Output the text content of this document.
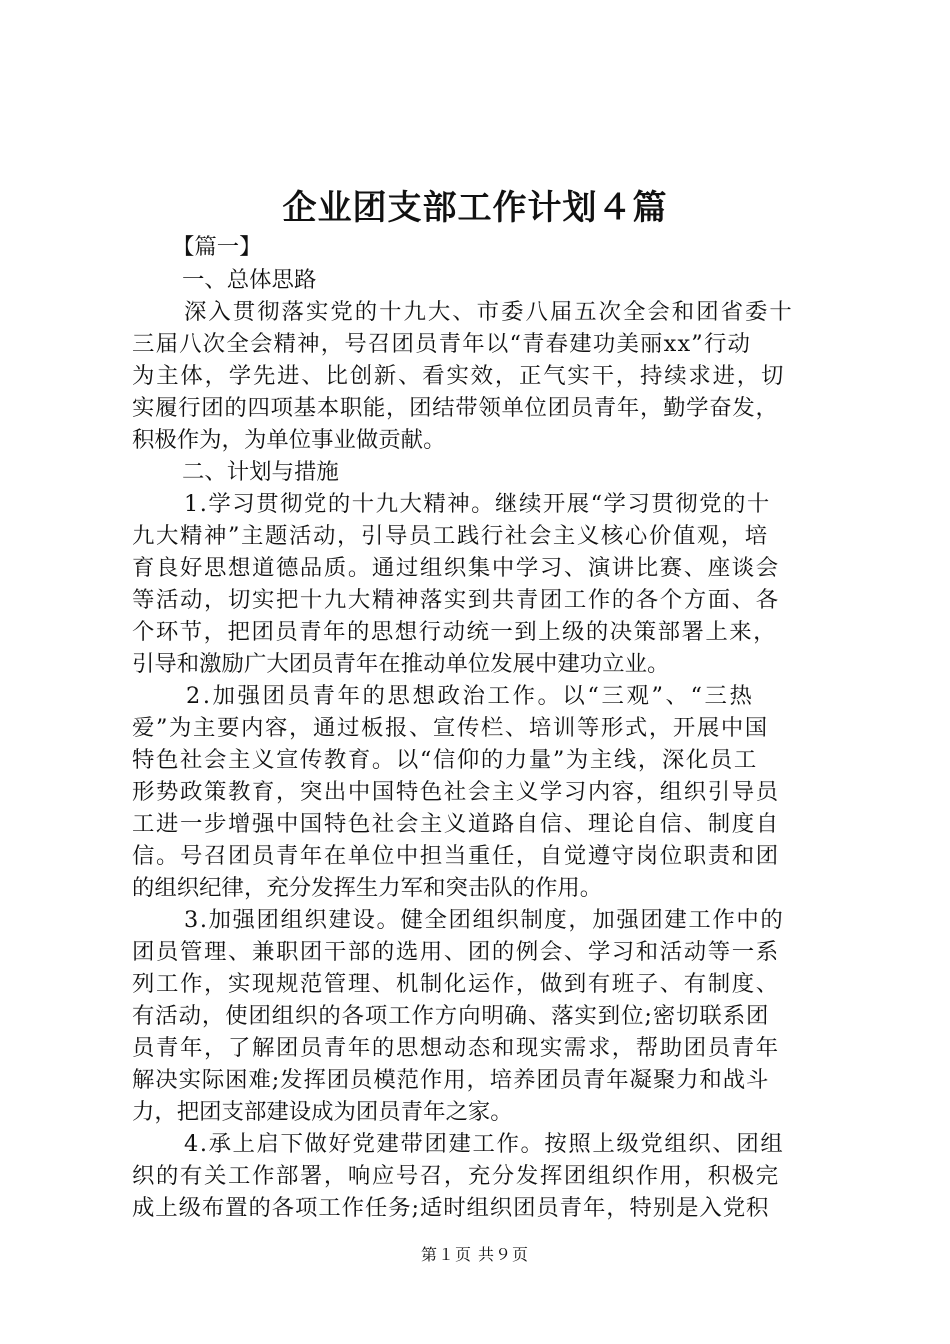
企业团支部工作计划４篇
【篇一】
一、总体思路
深入贯彻落实党的十九大、市委八届五次全会和团省委十
三届八次全会精神，号召团员青年以“青春建功美丽xx”行动
为主体，学先进、比创新、看实效，正气实干，持续求进，切
实履行团的四项基本职能，团结带领单位团员青年，勤学奋发，
积极作为，为单位事业做贡献。
二、计划与措施
1.学习贯彻党的十九大精神。继续开展“学习贯彻党的十
九大精神”主题活动，引导员工践行社会主义核心价值观，培
育良好思想道德品质。通过组织集中学习、演讲比赛、座谈会
等活动，切实把十九大精神落实到共青团工作的各个方面、各
个环节，把团员青年的思想行动统一到上级的决策部署上来，
引导和激励广大团员青年在推动单位发展中建功立业。
2.加强团员青年的思想政治工作。以“三观”、“三热
爱”为主要内容，通过板报、宣传栏、培训等形式，开展中国
特色社会主义宣传教育。以“信仰的力量”为主线，深化员工
形势政策教育，突出中国特色社会主义学习内容，组织引导员
工进一步增强中国特色社会主义道路自信、理论自信、制度自
信。号召团员青年在单位中担当重任，自觉遵守岗位职责和团
的组织纪律，充分发挥生力军和突击队的作用。
3.加强团组织建设。健全团组织制度，加强团建工作中的
团员管理、兼职团干部的选用、团的例会、学习和活动等一系
列工作，实现规范管理、机制化运作，做到有班子、有制度、
有活动，使团组织的各项工作方向明确、落实到位;密切联系团
员青年，了解团员青年的思想动态和现实需求，帮助团员青年
解决实际困难;发挥团员模范作用，培养团员青年凝聚力和战斗
力，把团支部建设成为团员青年之家。
4.承上启下做好党建带团建工作。按照上级党组织、团组
织的有关工作部署，响应号召，充分发挥团组织作用，积极完
成上级布置的各项工作任务;适时组织团员青年，特别是入党积
第１页 共９页
